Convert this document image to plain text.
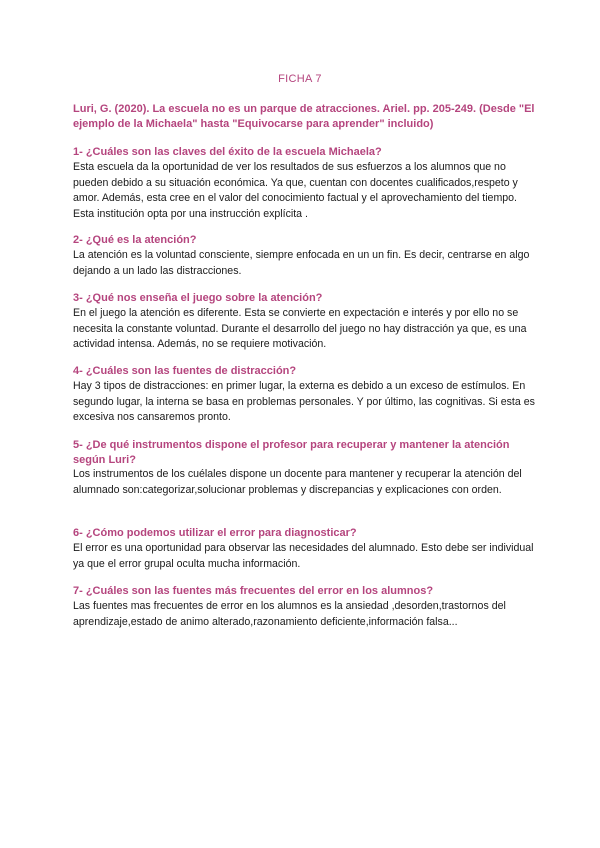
FICHA 7
Luri, G. (2020). La escuela no es un parque de atracciones. Ariel. pp. 205-249. (Desde "El ejemplo de la Michaela" hasta "Equivocarse para aprender" incluido)
1- ¿Cuáles son las claves del éxito de la escuela Michaela?
Esta escuela da la oportunidad de ver los resultados de sus esfuerzos a los alumnos que no pueden debido a su situación económica. Ya que, cuentan con docentes cualificados,respeto y amor. Además, esta cree en el valor del conocimiento factual y el aprovechamiento del tiempo. Esta institución opta por una instrucción explícita .
2- ¿Qué es la atención?
La atención es la voluntad consciente, siempre enfocada en un un fin. Es decir, centrarse en algo dejando a un lado las distracciones.
3- ¿Qué nos enseña el juego sobre la atención?
En el juego la atención es diferente. Esta se convierte en expectación e interés y por ello no se necesita la constante voluntad. Durante el desarrollo del juego no hay distracción ya que, es una actividad intensa. Además, no se requiere motivación.
4- ¿Cuáles son las fuentes de distracción?
Hay 3 tipos de distracciones: en primer lugar, la externa es debido a un exceso de estímulos. En segundo lugar, la interna se basa en problemas personales. Y por último, las cognitivas. Si esta es excesiva nos cansaremos pronto.
5- ¿De qué instrumentos dispone el profesor para recuperar y mantener la atención según Luri?
Los instrumentos de los cuélales dispone un docente para mantener y recuperar la atención del alumnado son:categorizar,solucionar problemas y discrepancias y explicaciones con orden.
6- ¿Cómo podemos utilizar el error para diagnosticar?
El error es una oportunidad para observar las necesidades del alumnado. Esto debe ser individual ya que el error grupal oculta mucha información.
7- ¿Cuáles son las fuentes más frecuentes del error en los alumnos?
Las fuentes mas frecuentes de error en los alumnos es la ansiedad ,desorden,trastornos del aprendizaje,estado de animo alterado,razonamiento deficiente,información falsa...
